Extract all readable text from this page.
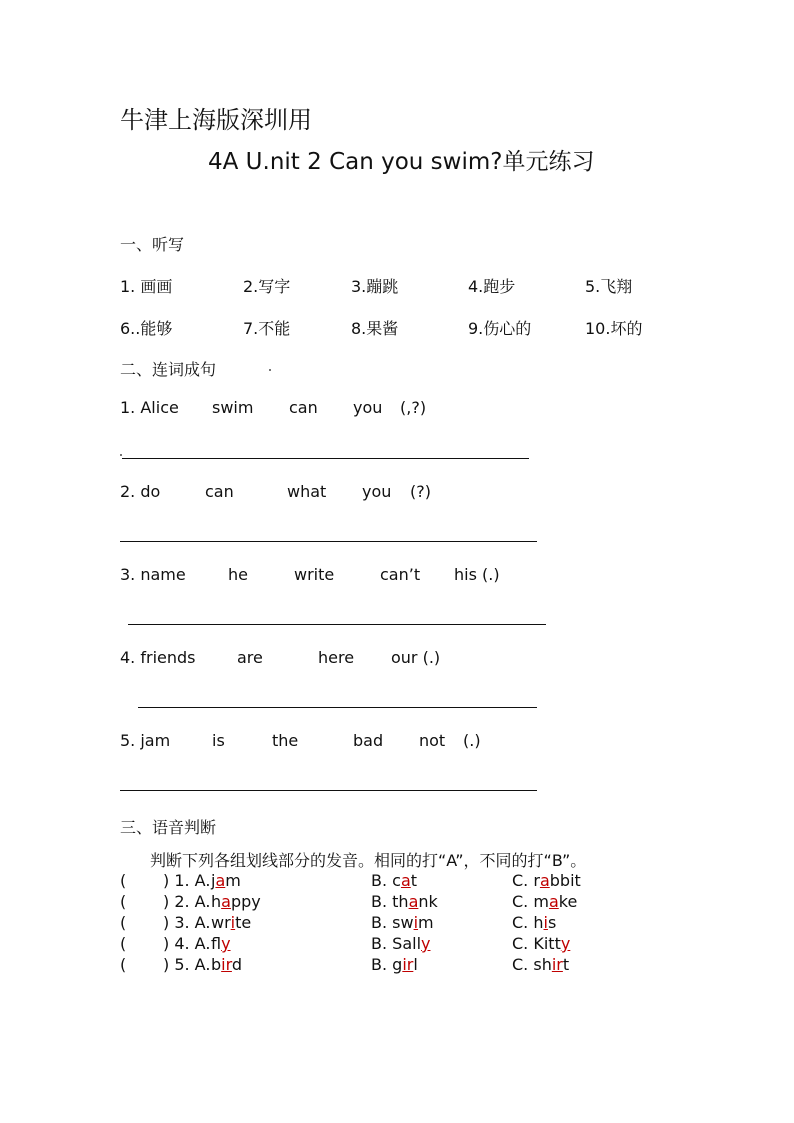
牛津上海版深圳用
4A U.nit 2 Can you swim?单元练习
一、听写
1. 画画	2.写字	3.蹦跳	4.跑步	5.飞翔
6..能够	7.不能	8.果酱	9.伤心的	10.坏的
二、连词成句
1. Alice swim can you (,?)
2. do	can	what you (?)
3. name	he	write	can’t his (.)
4. friends	are	here our (.)
5. jam	is	the	bad not (.)
三、语音判断
判断下列各组划线部分的发音。相同的打“A”，不同的打“B”。
( ) 1. A. jam	B. cat	C. rabbit
( ) 2. A. happy	B. thank	C. make
( ) 3. A. write	B. swim	C. his
( ) 4. A. fly	B. Sally	C. Kitty
( ) 5. A. bird	B. girl	C. shirt
